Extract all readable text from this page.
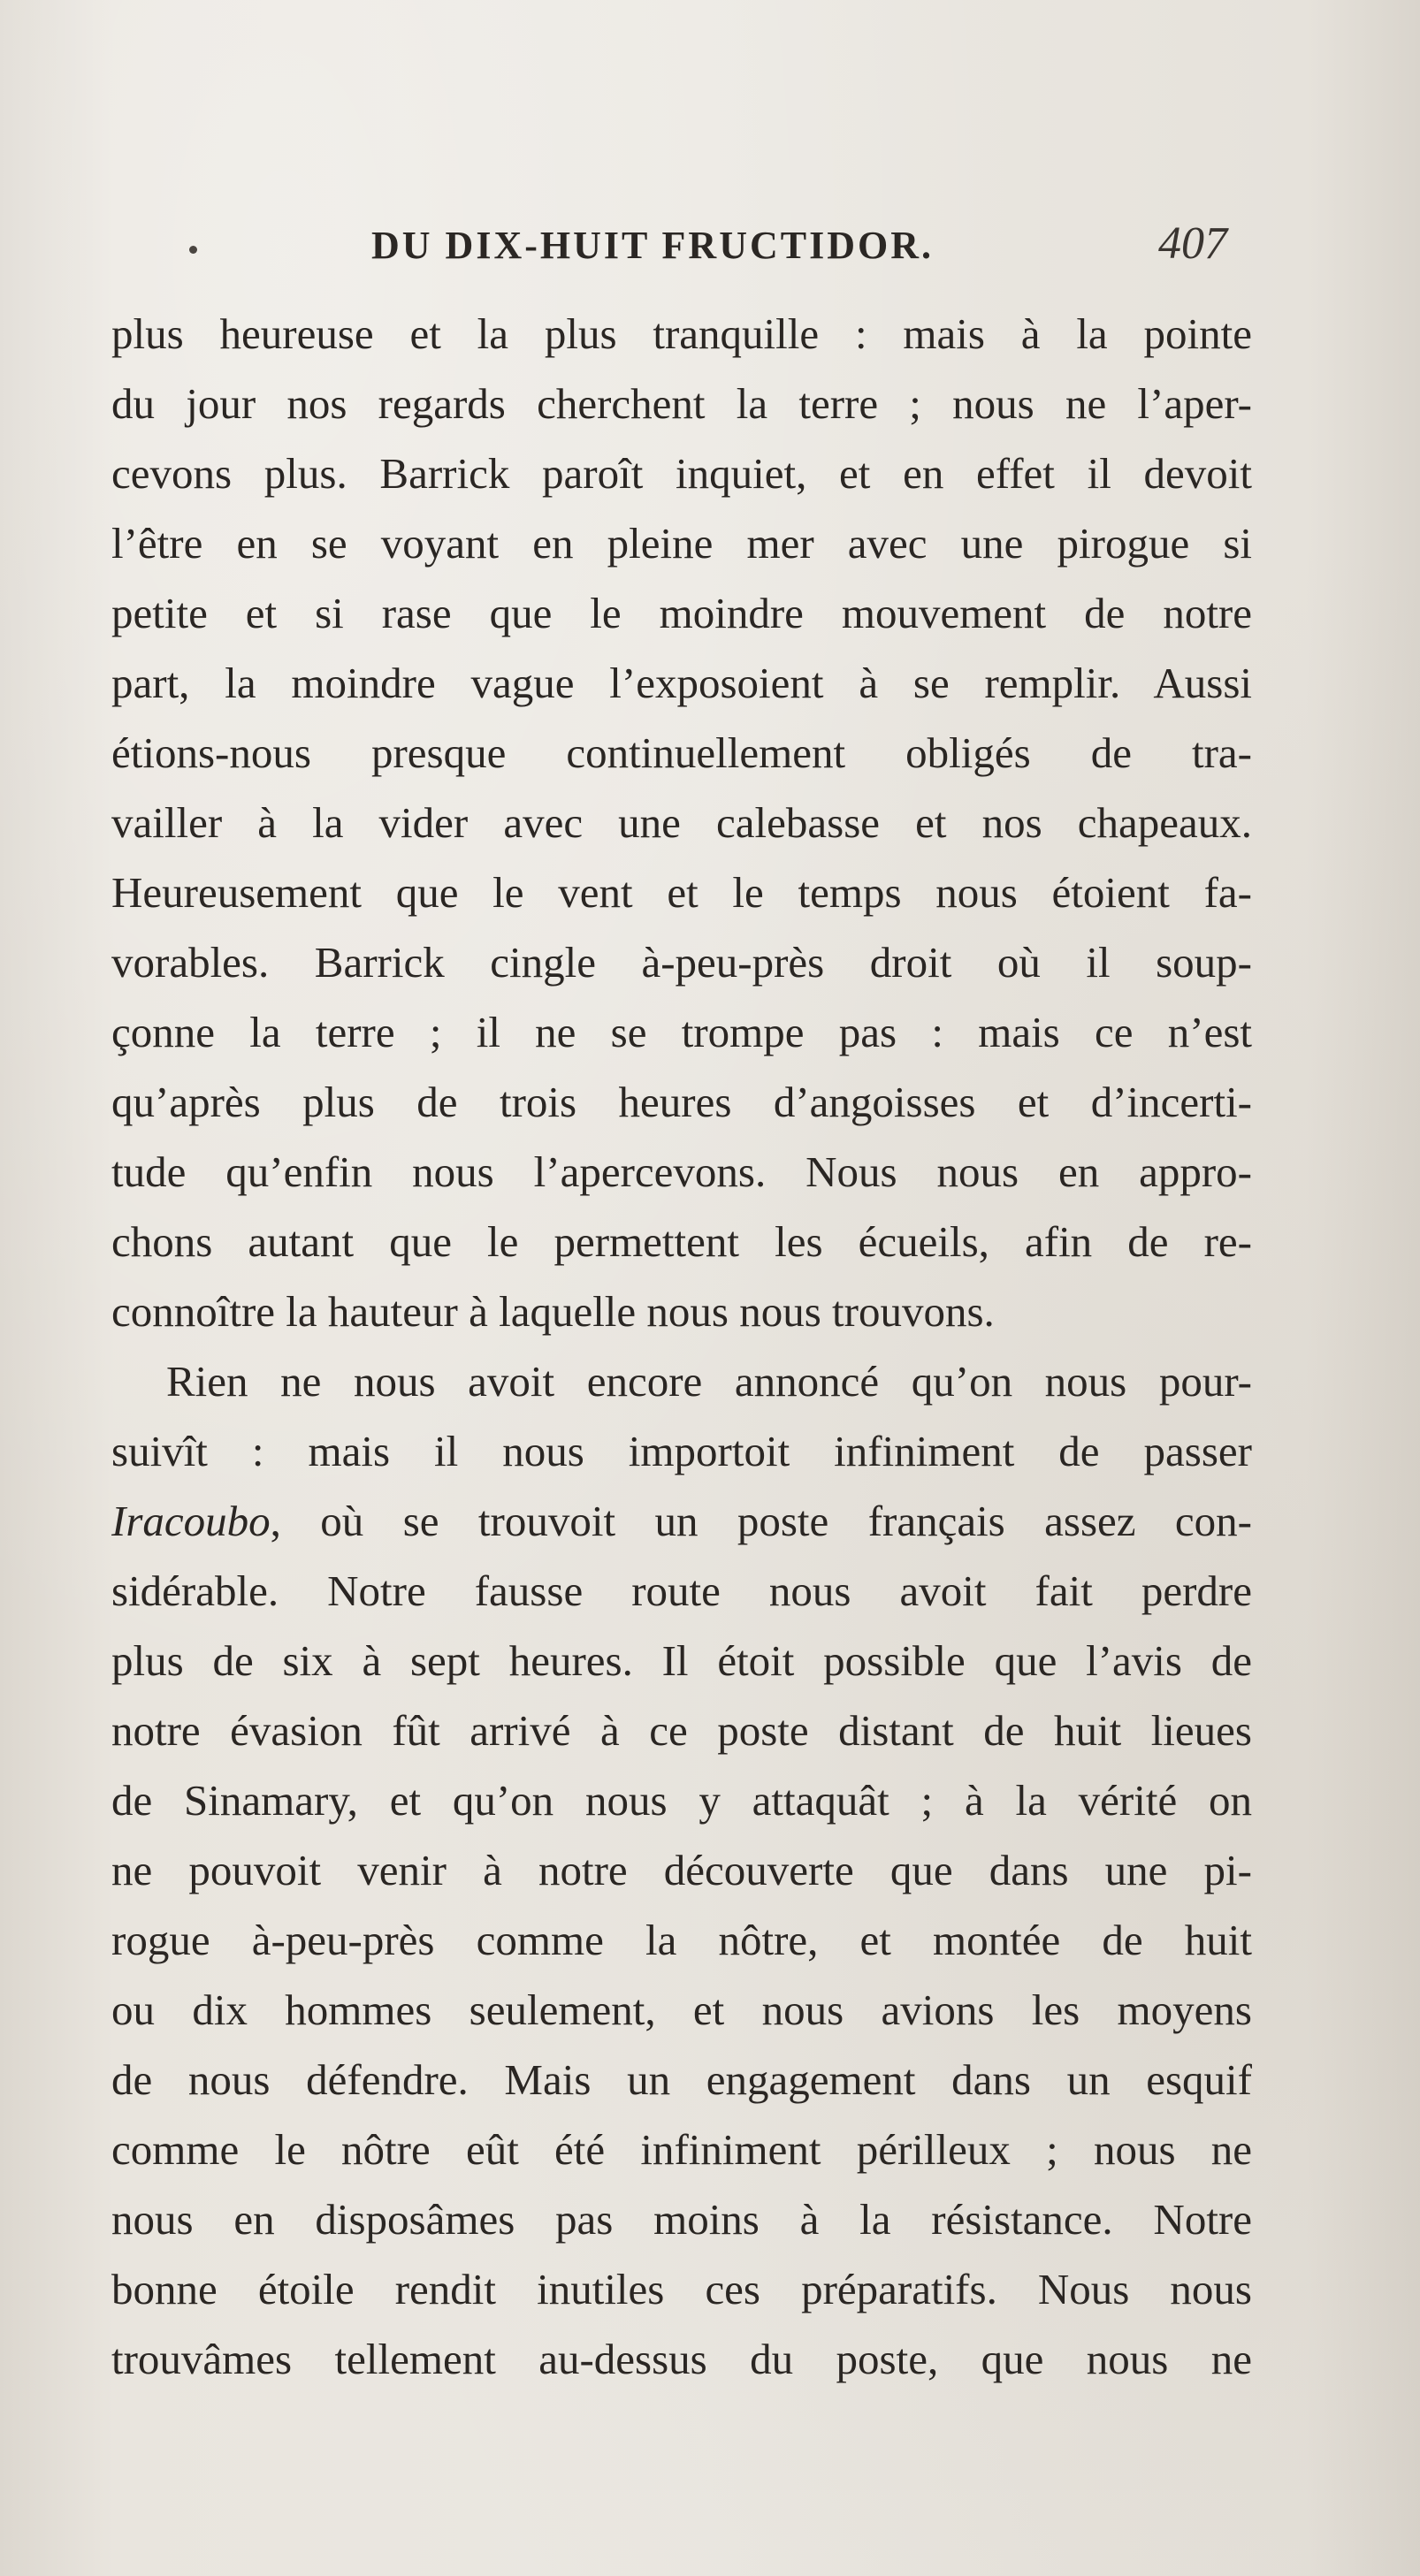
DU DIX-HUIT FRUCTIDOR.	407
plus heureuse et la plus tranquille : mais à la pointe
du jour nos regards cherchent la terre ; nous ne l’aper-
cevons plus. Barrick paroît inquiet, et en effet il devoit
l’être en se voyant en pleine mer avec une pirogue si
petite et si rase que le moindre mouvement de notre
part, la moindre vague l’exposoient à se remplir. Aussi
étions-nous presque continuellement obligés de tra-
vailler à la vider avec une calebasse et nos chapeaux.
Heureusement que le vent et le temps nous étoient fa-
vorables. Barrick cingle à-peu-près droit où il soup-
çonne la terre ; il ne se trompe pas : mais ce n’est
qu’après plus de trois heures d’angoisses et d’incerti-
tude qu’enfin nous l’apercevons. Nous nous en appro-
chons autant que le permettent les écueils, afin de re-
connoître la hauteur à laquelle nous nous trouvons.
Rien ne nous avoit encore annoncé qu’on nous pour-
suivît : mais il nous importoit infiniment de passer
Iracoubo, où se trouvoit un poste français assez con-
sidérable. Notre fausse route nous avoit fait perdre
plus de six à sept heures. Il étoit possible que l’avis de
notre évasion fût arrivé à ce poste distant de huit lieues
de Sinamary, et qu’on nous y attaquât ; à la vérité on
ne pouvoit venir à notre découverte que dans une pi-
rogue à-peu-près comme la nôtre, et montée de huit
ou dix hommes seulement, et nous avions les moyens
de nous défendre. Mais un engagement dans un esquif
comme le nôtre eût été infiniment périlleux ; nous ne
nous en disposâmes pas moins à la résistance. Notre
bonne étoile rendit inutiles ces préparatifs. Nous nous
trouvâmes tellement au-dessus du poste, que nous ne
